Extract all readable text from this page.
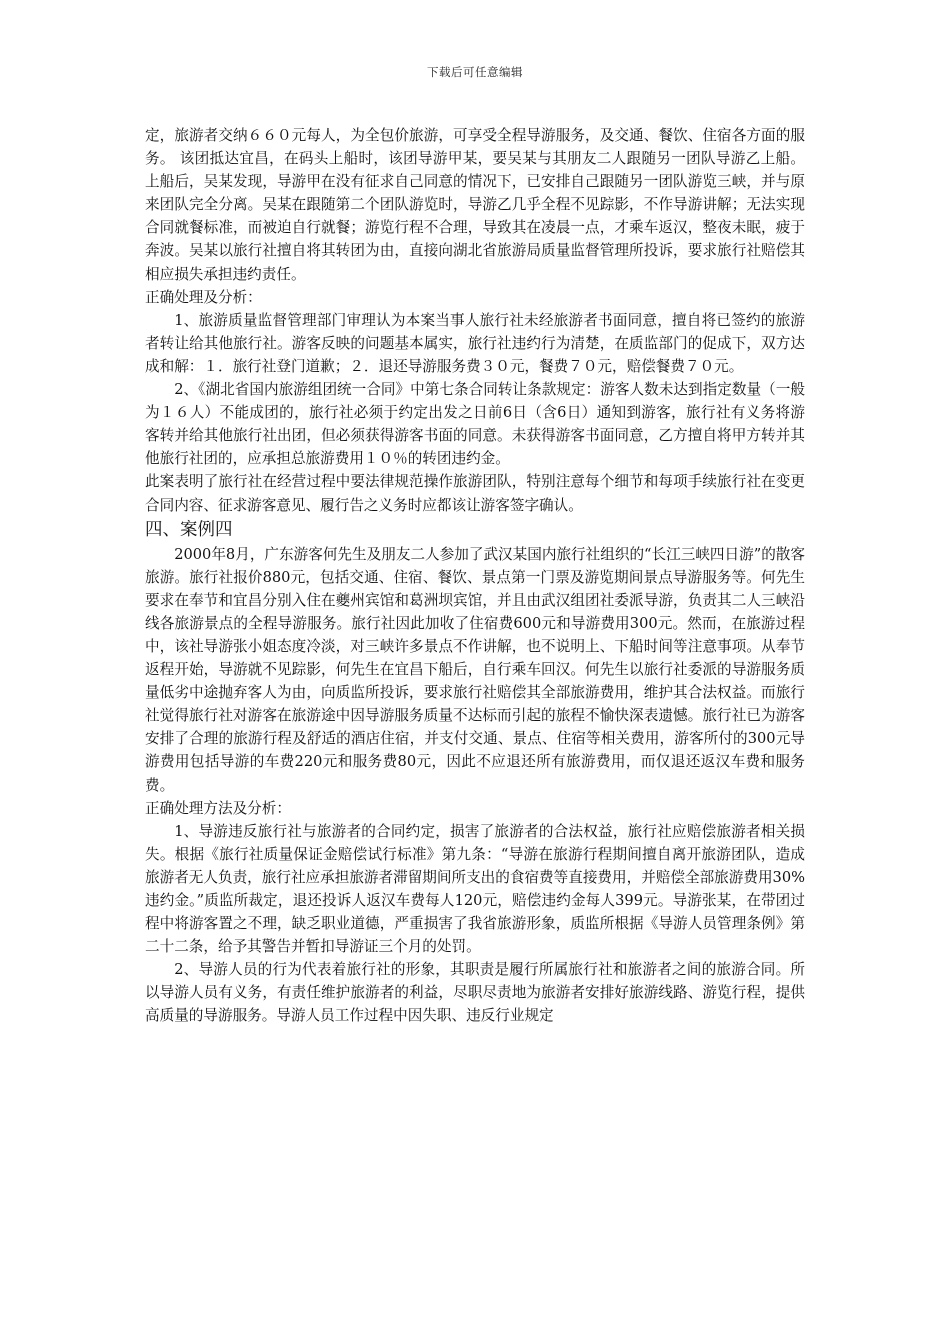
下载后可任意编辑

定，旅游者交纳６６０元每人，为全包价旅游，可享受全程导游服务，及交通、餐饮、住宿各方面的服务。 该团抵达宜昌，在码头上船时，该团导游甲某，要吴某与其朋友二人跟随另一团队导游乙上船。上船后，吴某发现，导游甲在没有征求自己同意的情况下，已安排自己跟随另一团队游览三峡，并与原来团队完全分离。吴某在跟随第二个团队游览时，导游乙几乎全程不见踪影，不作导游讲解；无法实现合同就餐标准，而被迫自行就餐；游览行程不合理，导致其在凌晨一点，才乘车返汉，整夜未眠，疲于奔波。吴某以旅行社擅自将其转团为由，直接向湖北省旅游局质量监督管理所投诉，要求旅行社赔偿其相应损失承担违约责任。

正确处理及分析：

1、旅游质量监督管理部门审理认为本案当事人旅行社未经旅游者书面同意，擅自将已签约的旅游者转让给其他旅行社。游客反映的问题基本属实，旅行社违约行为清楚，在质监部门的促成下，双方达成和解：１．旅行社登门道歉；２．退还导游服务费３０元，餐费７０元，赔偿餐费７０元。

2、《湖北省国内旅游组团统一合同》中第七条合同转让条款规定：游客人数未达到指定数量（一般为１６人）不能成团的，旅行社必须于约定出发之日前6日（含6日）通知到游客，旅行社有义务将游客转并给其他旅行社出团，但必须获得游客书面的同意。未获得游客书面同意，乙方擅自将甲方转并其他旅行社团的，应承担总旅游费用１０％的转团违约金。

此案表明了旅行社在经营过程中要法律规范操作旅游团队，特别注意每个细节和每项手续旅行社在变更合同内容、征求游客意见、履行告之义务时应都该让游客签字确认。

四、案例四

2000年8月，广东游客何先生及朋友二人参加了武汉某国内旅行社组织的“长江三峡四日游”的散客旅游。旅行社报价880元，包括交通、住宿、餐饮、景点第一门票及游览期间景点导游服务等。何先生要求在奉节和宜昌分别入住在夔州宾馆和葛洲坝宾馆，并且由武汉组团社委派导游，负责其二人三峡沿线各旅游景点的全程导游服务。旅行社因此加收了住宿费600元和导游费用300元。然而，在旅游过程中，该社导游张小姐态度冷淡，对三峡许多景点不作讲解，也不说明上、下船时间等注意事项。从奉节返程开始，导游就不见踪影，何先生在宜昌下船后，自行乘车回汉。何先生以旅行社委派的导游服务质量低劣中途抛弃客人为由，向质监所投诉，要求旅行社赔偿其全部旅游费用，维护其合法权益。而旅行社觉得旅行社对游客在旅游途中因导游服务质量不达标而引起的旅程不愉快深表遗憾。旅行社已为游客安排了合理的旅游行程及舒适的酒店住宿，并支付交通、景点、住宿等相关费用，游客所付的300元导游费用包括导游的车费220元和服务费80元，因此不应退还所有旅游费用，而仅退还返汉车费和服务费。

正确处理方法及分析：

1、导游违反旅行社与旅游者的合同约定，损害了旅游者的合法权益，旅行社应赔偿旅游者相关损失。根据《旅行社质量保证金赔偿试行标准》第九条：“导游在旅游行程期间擅自离开旅游团队，造成旅游者无人负责，旅行社应承担旅游者滞留期间所支出的食宿费等直接费用，并赔偿全部旅游费用30%违约金。”质监所裁定，退还投诉人返汉车费每人120元，赔偿违约金每人399元。导游张某，在带团过程中将游客置之不理，缺乏职业道德，严重损害了我省旅游形象，质监所根据《导游人员管理条例》第二十二条，给予其警告并暂扣导游证三个月的处罚。

2、导游人员的行为代表着旅行社的形象，其职责是履行所属旅行社和旅游者之间的旅游合同。所以导游人员有义务，有责任维护旅游者的利益，尽职尽责地为旅游者安排好旅游线路、游览行程，提供高质量的导游服务。导游人员工作过程中因失职、违反行业规定
